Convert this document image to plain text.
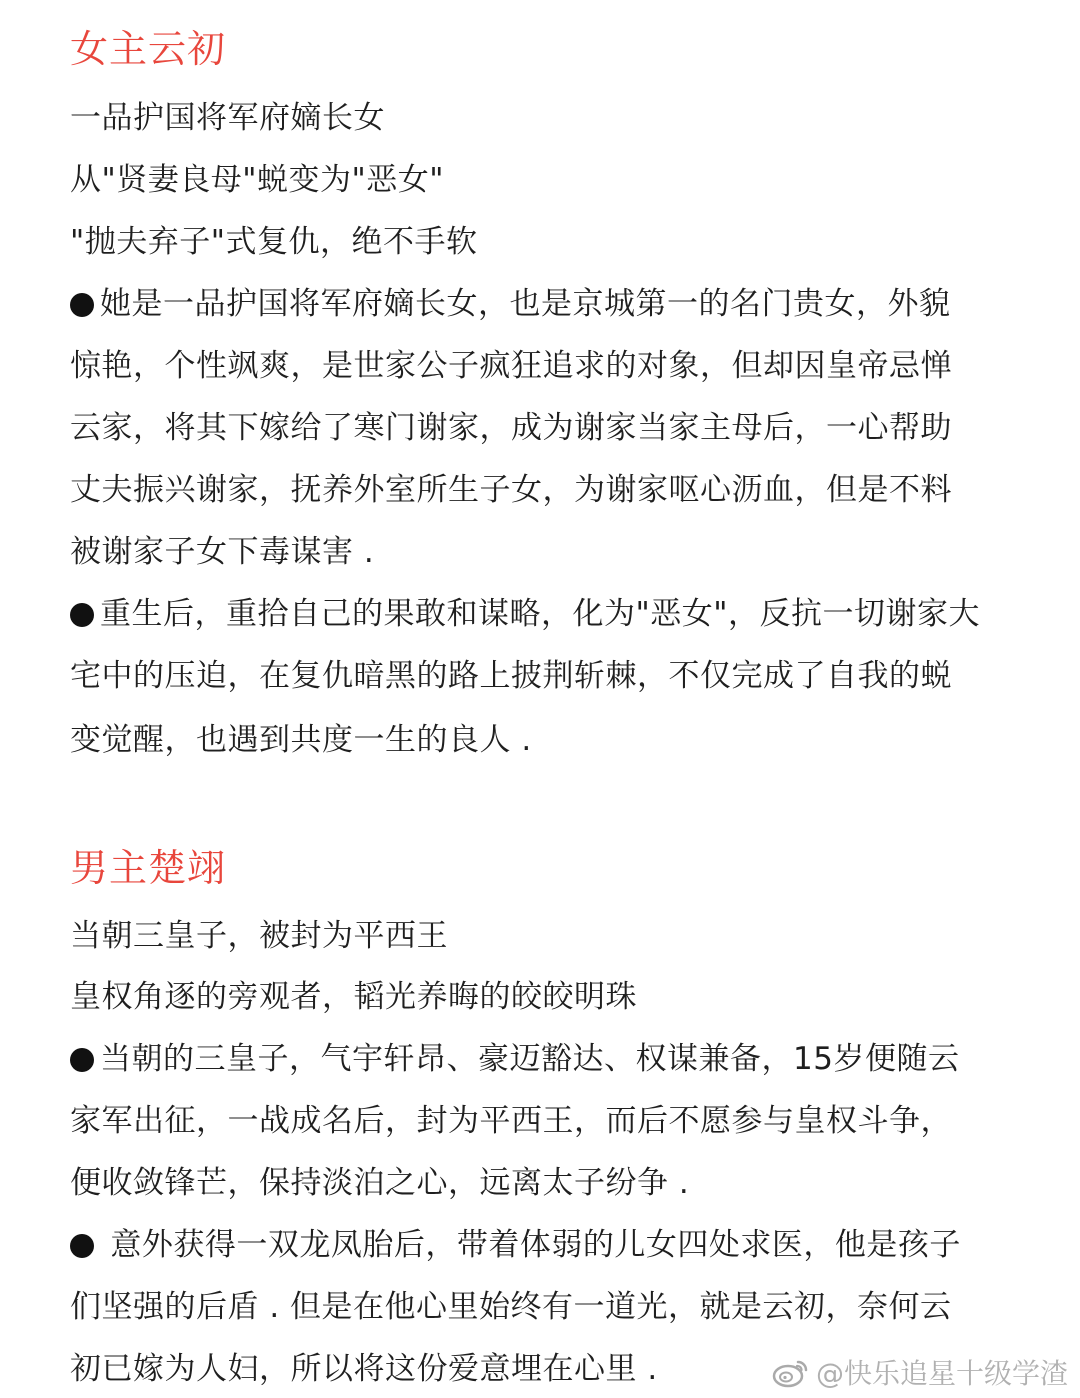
女主云初
一品护国将军府嫡长女
从"贤妻良母"蜕变为"恶女"
"抛夫弃子"式复仇，绝不手软
她是一品护国将军府嫡长女，也是京城第一的名门贵女，外貌
惊艳，个性飒爽，是世家公子疯狂追求的对象，但却因皇帝忌惮
云家，将其下嫁给了寒门谢家，成为谢家当家主母后，一心帮助
丈夫振兴谢家，抚养外室所生子女，为谢家呕心沥血，但是不料
被谢家子女下毒谋害 .
重生后，重拾自己的果敢和谋略，化为"恶女"，反抗一切谢家大
宅中的压迫，在复仇暗黑的路上披荆斩棘，不仅完成了自我的蜕
变觉醒，也遇到共度一生的良人 .
男主楚翊
当朝三皇子，被封为平西王
皇权角逐的旁观者，韬光养晦的皎皎明珠
当朝的三皇子，气宇轩昂、豪迈豁达、权谋兼备，15岁便随云
家军出征，一战成名后，封为平西王，而后不愿参与皇权斗争，
便收敛锋芒，保持淡泊之心，远离太子纷争 .
意外获得一双龙凤胎后，带着体弱的儿女四处求医，他是孩子
们坚强的后盾 . 但是在他心里始终有一道光，就是云初，奈何云
初已嫁为人妇，所以将这份爱意埋在心里 .	@快乐追星十级学渣
